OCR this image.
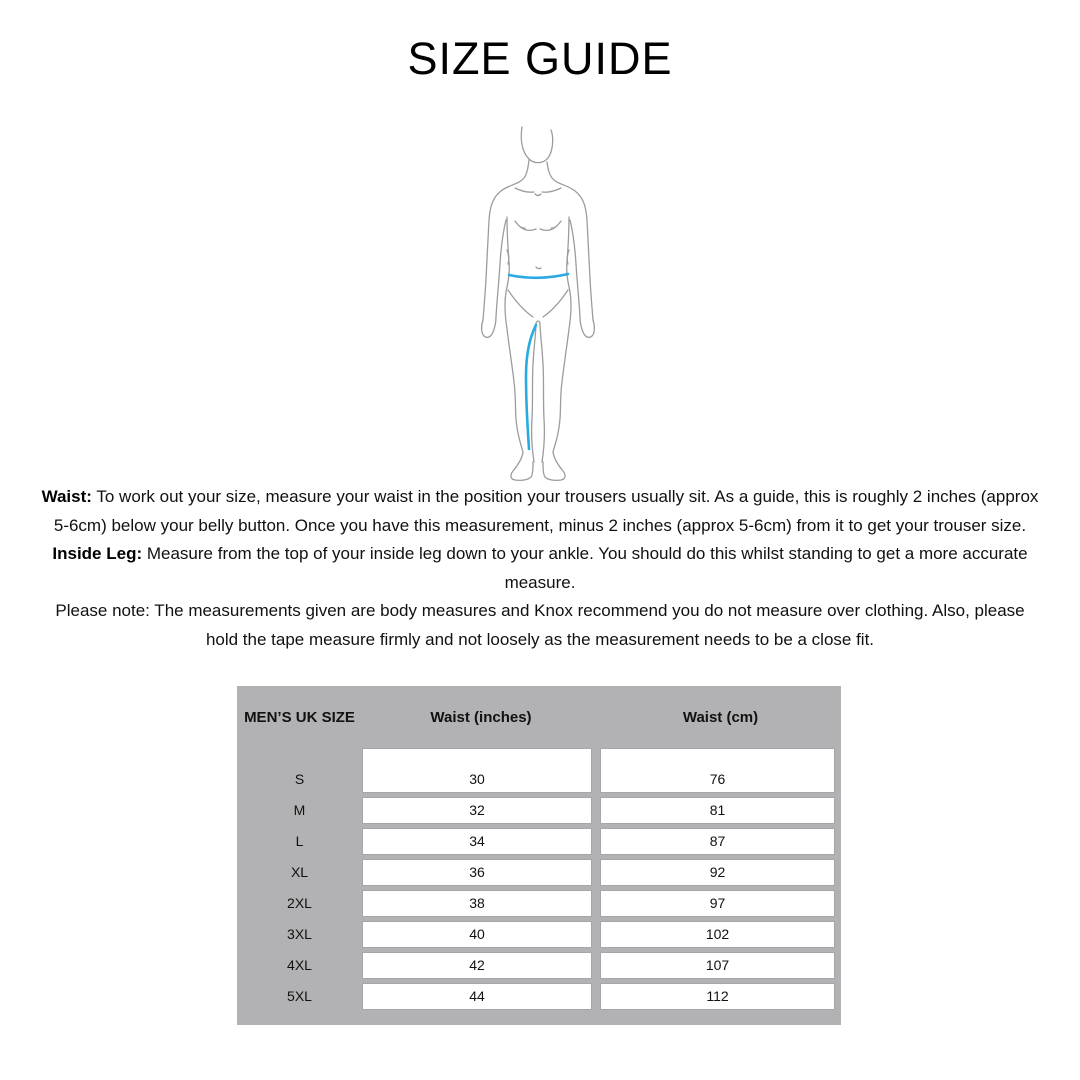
SIZE GUIDE

Waist: To work out your size, measure your waist in the position your trousers usually sit. As a guide, this is roughly 2 inches (approx 5-6cm) below your belly button. Once you have this measurement, minus 2 inches (approx 5-6cm) from it to get your trouser size.

Inside Leg: Measure from the top of your inside leg down to your ankle. You should do this whilst standing to get a more accurate measure.

Please note: The measurements given are body measures and Knox recommend you do not measure over clothing. Also, please hold the tape measure firmly and not loosely as the measurement needs to be a close fit.

MEN’S UK SIZE	Waist (inches)	Waist (cm)
S	30	76
M	32	81
L	34	87
XL	36	92
2XL	38	97
3XL	40	102
4XL	42	107
5XL	44	112
